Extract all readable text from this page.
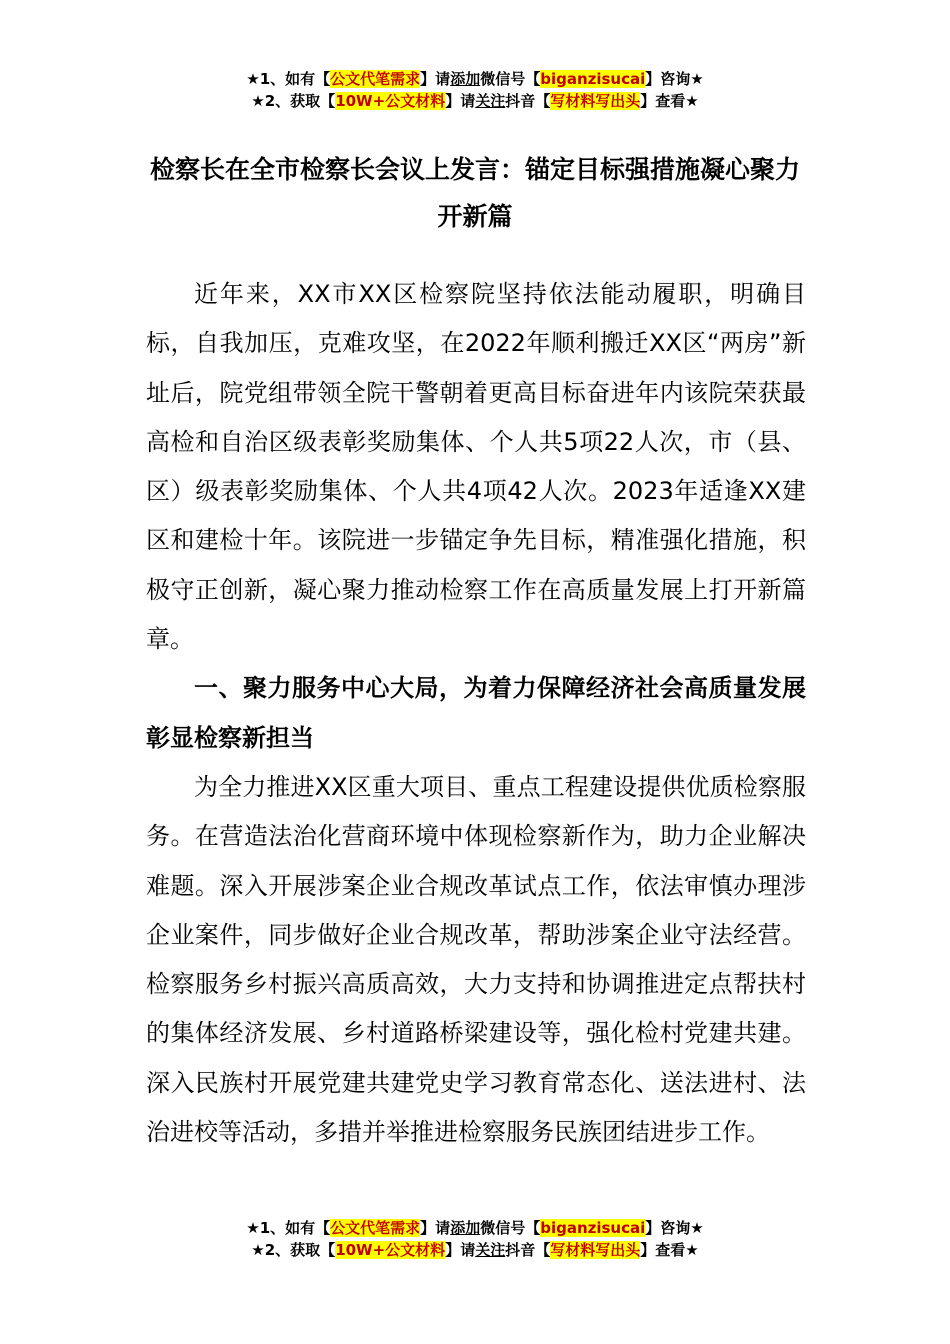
★1、如有【公文代笔需求】请添加微信号【biganzisucai】咨询★
★2、获取【10W+公文材料】请关注抖音【写材料写出头】查看★
检察长在全市检察长会议上发言：锚定目标强措施凝心聚力开新篇

近年来，XX市XX区检察院坚持依法能动履职，明确目标，自我加压，克难攻坚，在2022年顺利搬迁XX区“两房”新址后，院党组带领全院干警朝着更高目标奋进年内该院荣获最高检和自治区级表彰奖励集体、个人共5项22人次，市（县、区）级表彰奖励集体、个人共4项42人次。2023年适逢XX建区和建检十年。该院进一步锚定争先目标，精准强化措施，积极守正创新，凝心聚力推动检察工作在高质量发展上打开新篇章。

一、聚力服务中心大局，为着力保障经济社会高质量发展彰显检察新担当

为全力推进XX区重大项目、重点工程建设提供优质检察服务。在营造法治化营商环境中体现检察新作为，助力企业解决难题。深入开展涉案企业合规改革试点工作，依法审慎办理涉企业案件，同步做好企业合规改革，帮助涉案企业守法经营。检察服务乡村振兴高质高效，大力支持和协调推进定点帮扶村的集体经济发展、乡村道路桥梁建设等，强化检村党建共建。深入民族村开展党建共建党史学习教育常态化、送法进村、法治进校等活动，多措并举推进检察服务民族团结进步工作。

★1、如有【公文代笔需求】请添加微信号【biganzisucai】咨询★
★2、获取【10W+公文材料】请关注抖音【写材料写出头】查看★
